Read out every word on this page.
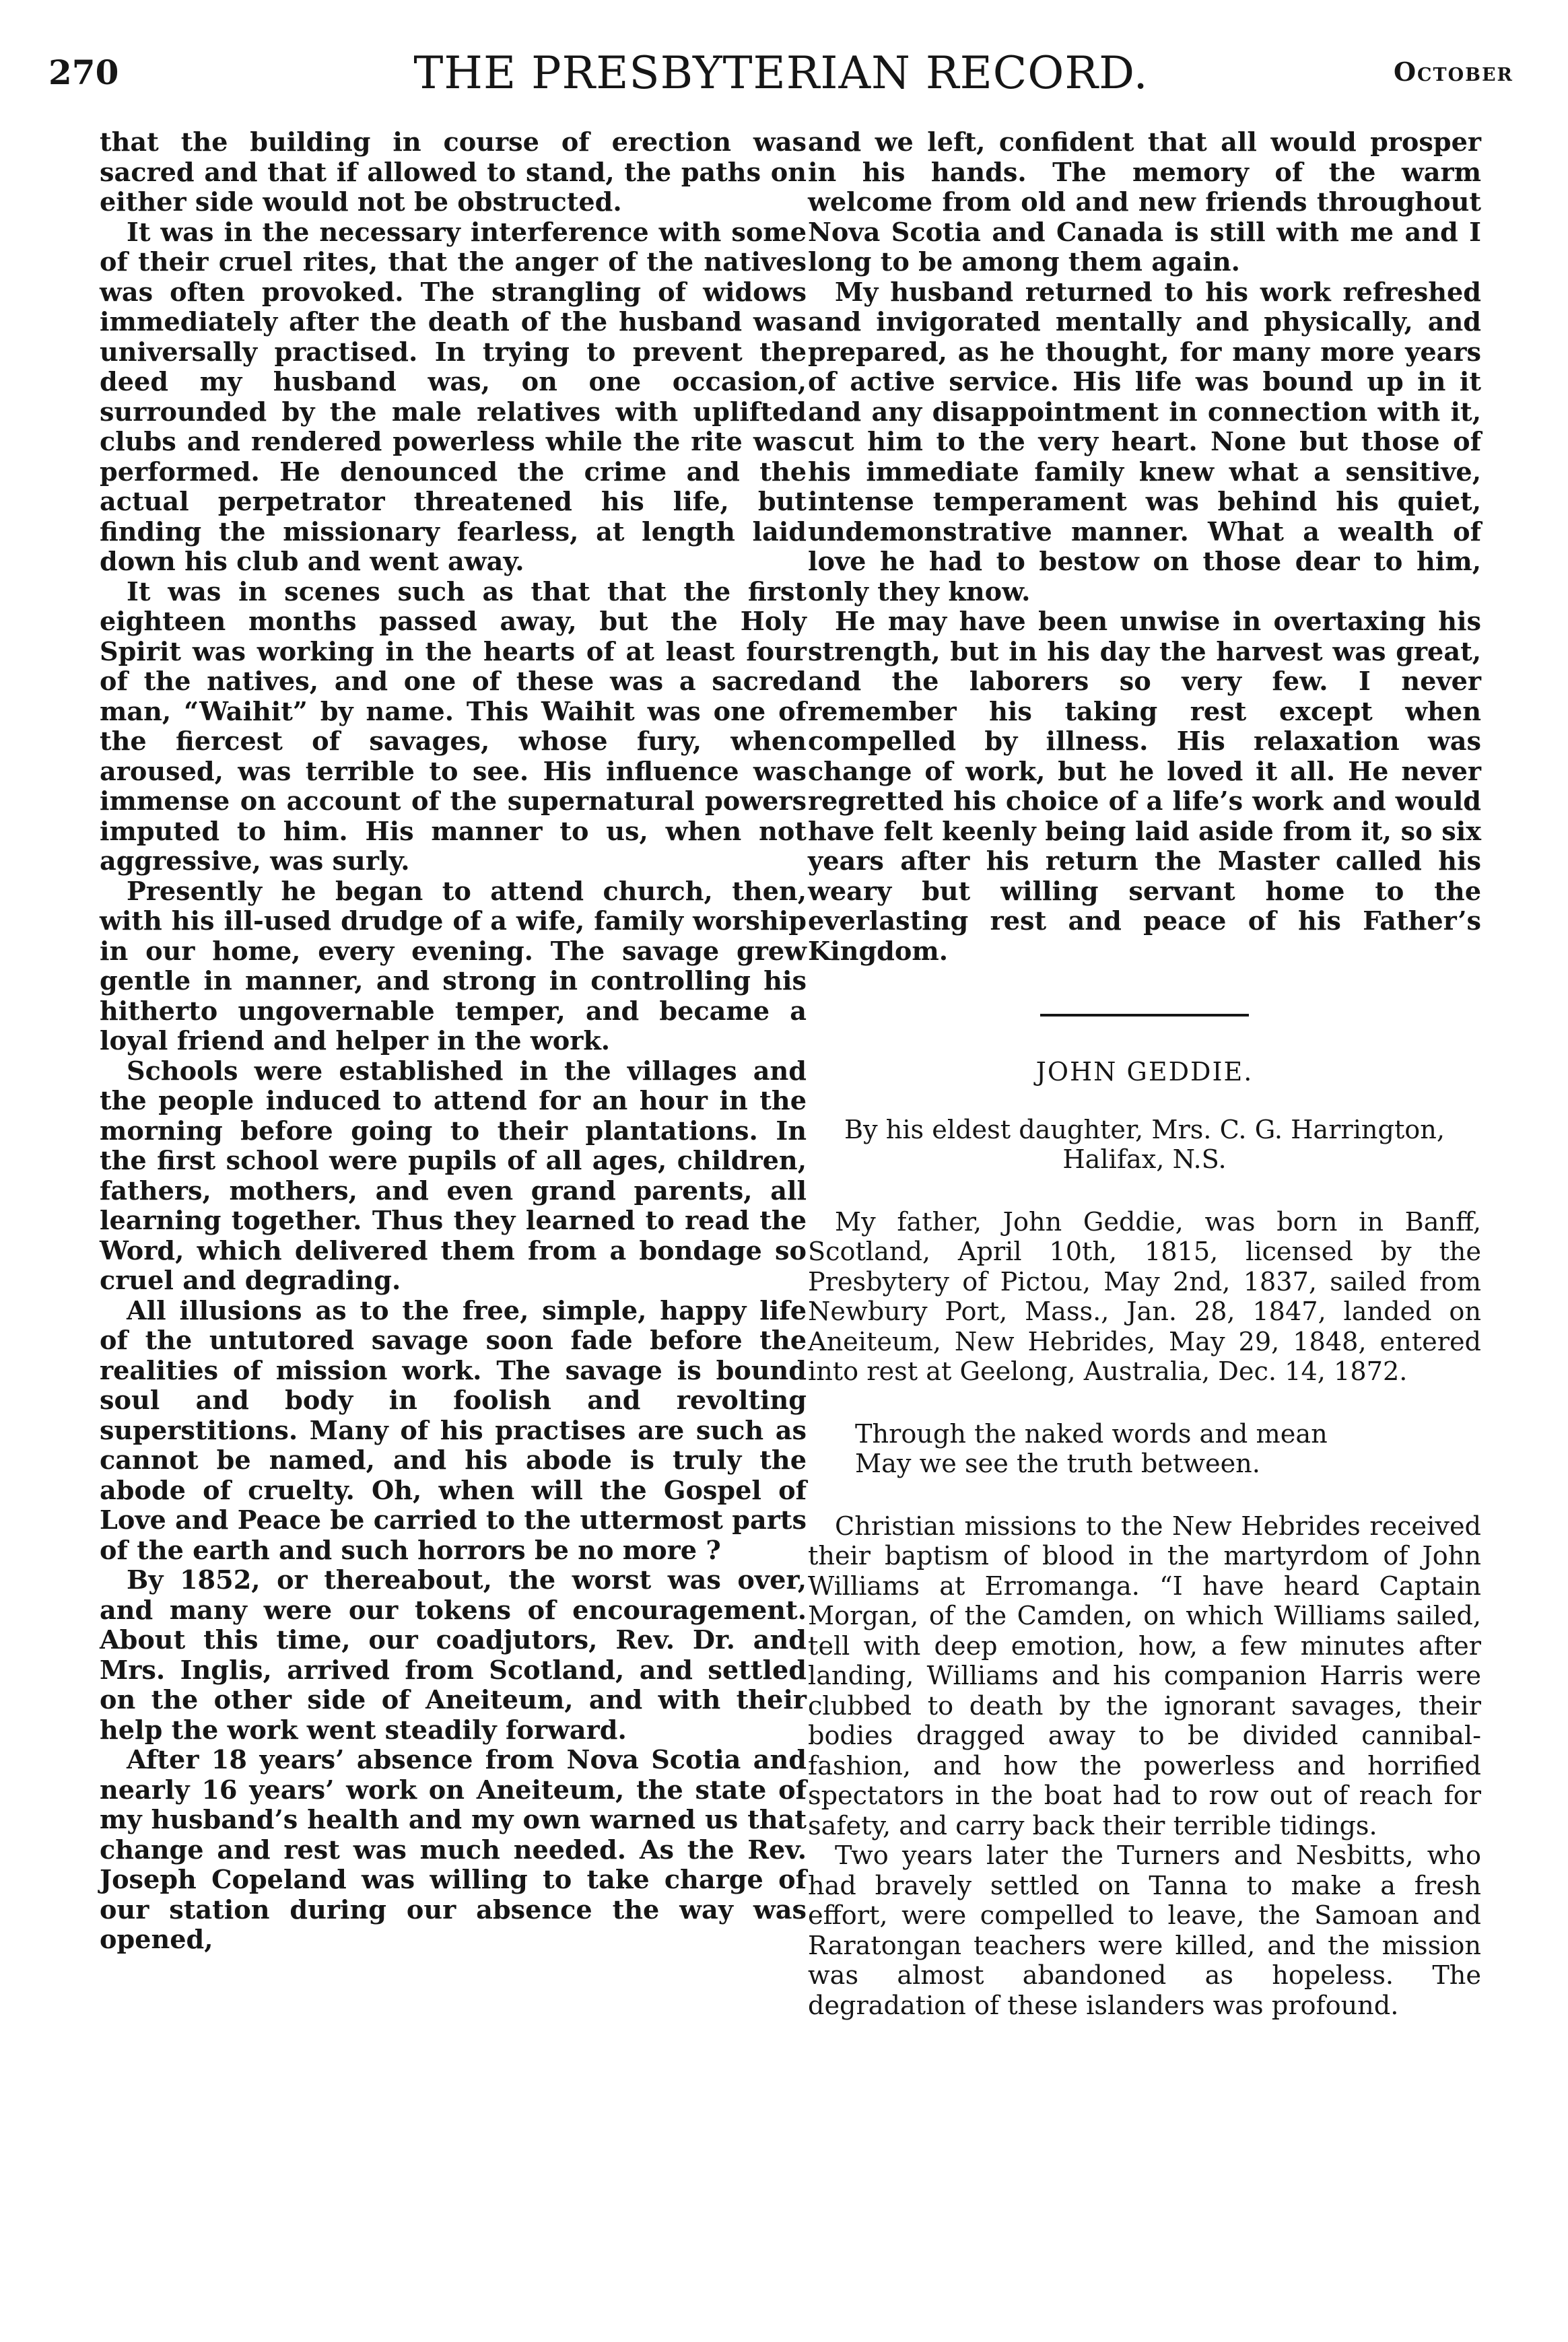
270	THE PRESBYTERIAN RECORD.	October

that the building in course of erection was sacred and that if allowed to stand, the paths on either side would not be obstructed.

It was in the necessary interference with some of their cruel rites, that the anger of the natives was often provoked. The strangling of widows immediately after the death of the husband was universally practised. In trying to prevent the deed my husband was, on one occasion, surrounded by the male relatives with uplifted clubs and rendered powerless while the rite was performed. He denounced the crime and the actual perpetrator threatened his life, but finding the missionary fearless, at length laid down his club and went away.

It was in scenes such as that that the first eighteen months passed away, but the Holy Spirit was working in the hearts of at least four of the natives, and one of these was a sacred man, “Waihit” by name. This Waihit was one of the fiercest of savages, whose fury, when aroused, was terrible to see. His influence was immense on account of the supernatural powers imputed to him. His manner to us, when not aggressive, was surly.

Presently he began to attend church, then, with his ill-used drudge of a wife, family worship in our home, every evening. The savage grew gentle in manner, and strong in controlling his hitherto ungovernable temper, and became a loyal friend and helper in the work.

Schools were established in the villages and the people induced to attend for an hour in the morning before going to their plantations. In the first school were pupils of all ages, children, fathers, mothers, and even grand parents, all learning together. Thus they learned to read the Word, which delivered them from a bondage so cruel and degrading.

All illusions as to the free, simple, happy life of the untutored savage soon fade before the realities of mission work. The savage is bound soul and body in foolish and revolting superstitions. Many of his practises are such as cannot be named, and his abode is truly the abode of cruelty. Oh, when will the Gospel of Love and Peace be carried to the uttermost parts of the earth and such horrors be no more ?

By 1852, or thereabout, the worst was over, and many were our tokens of encouragement. About this time, our coadjutors, Rev. Dr. and Mrs. Inglis, arrived from Scotland, and settled on the other side of Aneiteum, and with their help the work went steadily forward.

After 18 years’ absence from Nova Scotia and nearly 16 years’ work on Aneiteum, the state of my husband’s health and my own warned us that change and rest was much needed. As the Rev. Joseph Copeland was willing to take charge of our station during our absence the way was opened,

and we left, confident that all would prosper in his hands. The memory of the warm welcome from old and new friends throughout Nova Scotia and Canada is still with me and I long to be among them again.

My husband returned to his work refreshed and invigorated mentally and physically, and prepared, as he thought, for many more years of active service. His life was bound up in it and any disappointment in connection with it, cut him to the very heart. None but those of his immediate family knew what a sensitive, intense temperament was behind his quiet, undemonstrative manner. What a wealth of love he had to bestow on those dear to him, only they know.

He may have been unwise in overtaxing his strength, but in his day the harvest was great, and the laborers so very few. I never remember his taking rest except when compelled by illness. His relaxation was change of work, but he loved it all. He never regretted his choice of a life’s work and would have felt keenly being laid aside from it, so six years after his return the Master called his weary but willing servant home to the everlasting rest and peace of his Father’s Kingdom.

JOHN GEDDIE.
By his eldest daughter, Mrs. C. G. Harrington, Halifax, N.S.

My father, John Geddie, was born in Banff, Scotland, April 10th, 1815, licensed by the Presbytery of Pictou, May 2nd, 1837, sailed from Newbury Port, Mass., Jan. 28, 1847, landed on Aneiteum, New Hebrides, May 29, 1848, entered into rest at Geelong, Australia, Dec. 14, 1872.

Through the naked words and mean
May we see the truth between.

Christian missions to the New Hebrides received their baptism of blood in the martyrdom of John Williams at Erromanga. “I have heard Captain Morgan, of the Camden, on which Williams sailed, tell with deep emotion, how, a few minutes after landing, Williams and his companion Harris were clubbed to death by the ignorant savages, their bodies dragged away to be divided cannibal-fashion, and how the powerless and horrified spectators in the boat had to row out of reach for safety, and carry back their terrible tidings.

Two years later the Turners and Nesbitts, who had bravely settled on Tanna to make a fresh effort, were compelled to leave, the Samoan and Raratongan teachers were killed, and the mission was almost abandoned as hopeless. The degradation of these islanders was profound.
